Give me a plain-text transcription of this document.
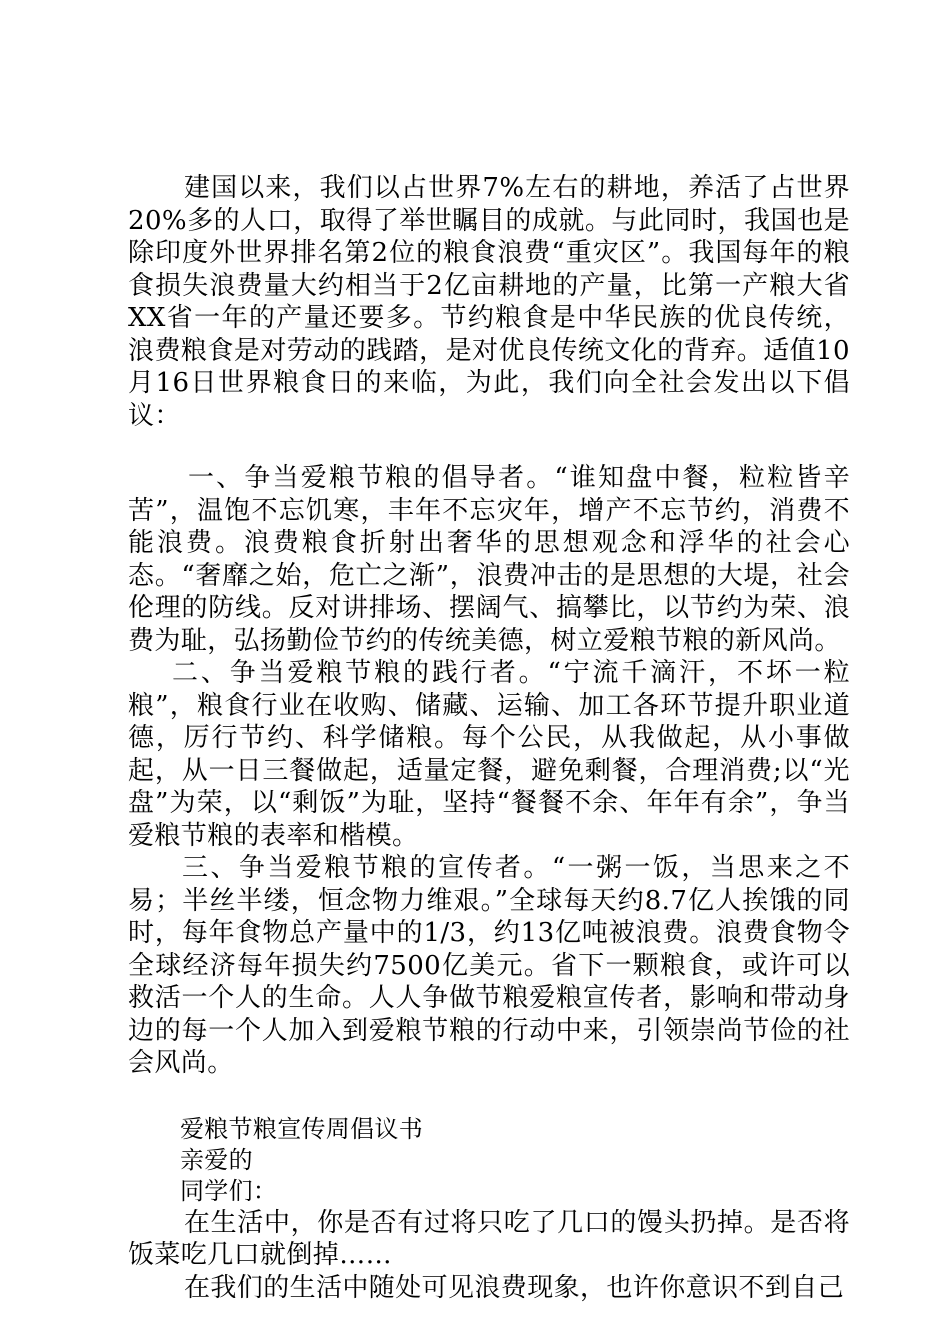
建国以来，我们以占世界7%左右的耕地，养活了占世界20%多的人口，取得了举世瞩目的成就。与此同时，我国也是除印度外世界排名第2位的粮食浪费“重灾区”。我国每年的粮食损失浪费量大约相当于2亿亩耕地的产量，比第一产粮大省XX省一年的产量还要多。节约粮食是中华民族的优良传统，浪费粮食是对劳动的践踏，是对优良传统文化的背弃。适值10月16日世界粮食日的来临，为此，我们向全社会发出以下倡议：

一、争当爱粮节粮的倡导者。“谁知盘中餐，粒粒皆辛苦”，温饱不忘饥寒，丰年不忘灾年，增产不忘节约，消费不能浪费。浪费粮食折射出奢华的思想观念和浮华的社会心态。“奢靡之始，危亡之渐”，浪费冲击的是思想的大堤，社会伦理的防线。反对讲排场、摆阔气、搞攀比，以节约为荣、浪费为耻，弘扬勤俭节约的传统美德，树立爱粮节粮的新风尚。

二、争当爱粮节粮的践行者。“宁流千滴汗，不坏一粒粮”，粮食行业在收购、储藏、运输、加工各环节提升职业道德，厉行节约、科学储粮。每个公民，从我做起，从小事做起，从一日三餐做起，适量定餐，避免剩餐，合理消费;以“光盘”为荣，以“剩饭”为耻，坚持“餐餐不余、年年有余”，争当爱粮节粮的表率和楷模。

三、争当爱粮节粮的宣传者。“一粥一饭，当思来之不易；半丝半缕，恒念物力维艰。”全球每天约8.7亿人挨饿的同时，每年食物总产量中的1/3，约13亿吨被浪费。浪费食物令全球经济每年损失约7500亿美元。省下一颗粮食，或许可以救活一个人的生命。人人争做节粮爱粮宣传者，影响和带动身边的每一个人加入到爱粮节粮的行动中来，引领崇尚节俭的社会风尚。

爱粮节粮宣传周倡议书

亲爱的

同学们：

在生活中，你是否有过将只吃了几口的馒头扔掉。是否将饭菜吃几口就倒掉……

在我们的生活中随处可见浪费现象，也许你意识不到自己
